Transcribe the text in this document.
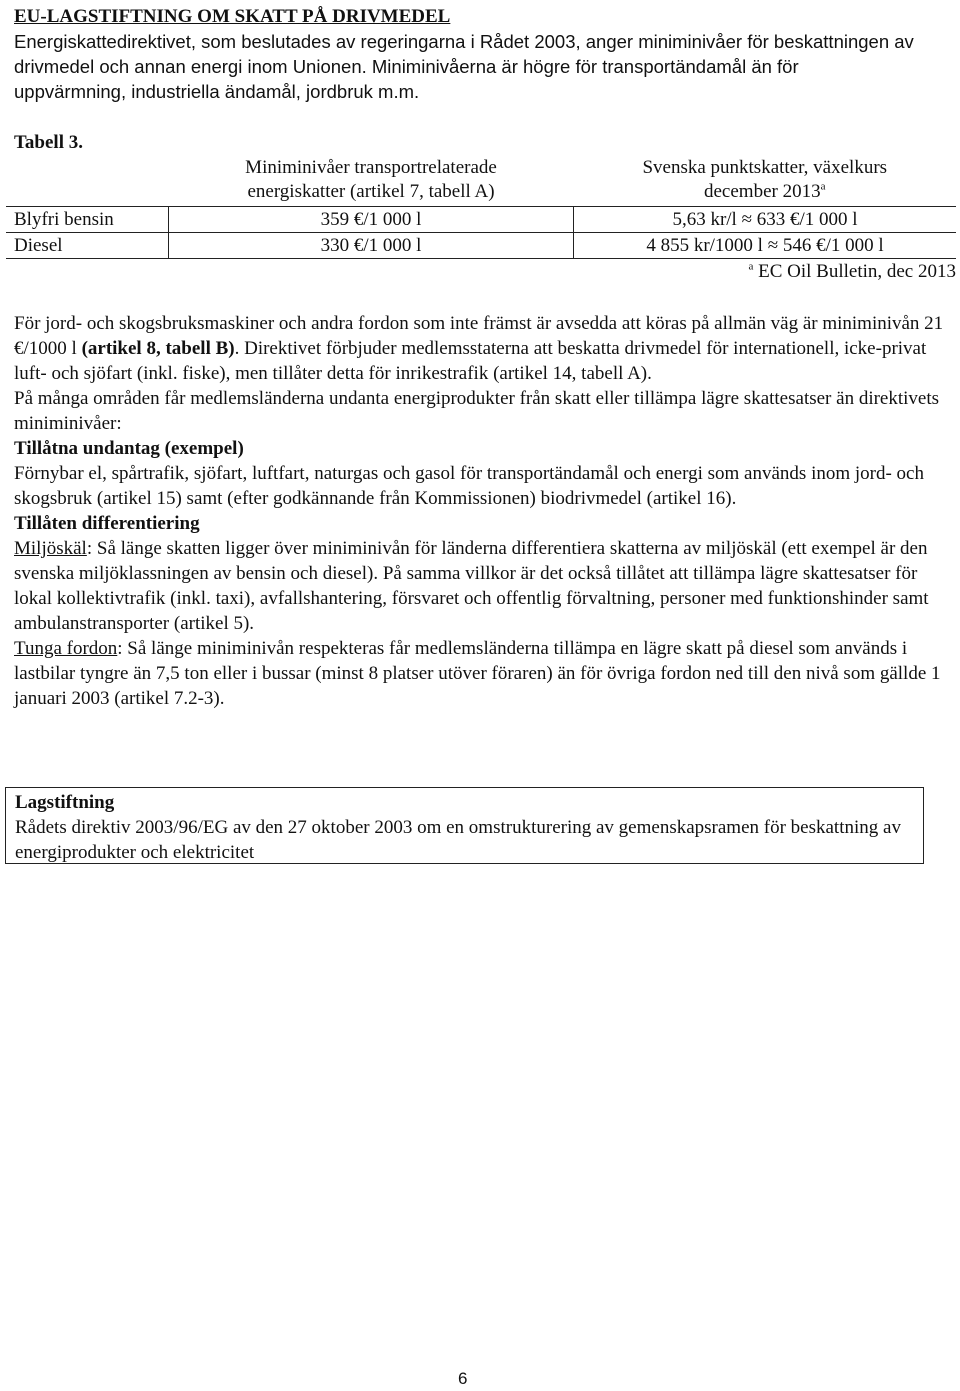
EU-LAGSTIFTNING OM SKATT PÅ DRIVMEDEL
Energiskattedirektivet, som beslutades av regeringarna i Rådet 2003, anger miniminivåer för beskattningen av drivmedel och annan energi inom Unionen. Miniminivåerna är högre för transportändamål än för uppvärmning, industriella ändamål, jordbruk m.m.
Tabell 3.
	Miniminivåer transportrelaterade
energiskatter (artikel 7, tabell A)	Svenska punktskatter, växelkurs
december 2013$^a$
Blyfri bensin	359 €/1 000 l	5,63 kr/l ≈ 633 €/1 000 l
Diesel	330 €/1 000 l	4 855 kr/1000 l ≈ 546 €/1 000 l
$^a$ EC Oil Bulletin, dec 2013

För jord- och skogsbruksmaskiner och andra fordon som inte främst är avsedda att köras på allmän väg är miniminivån 21 €/1000 l (artikel 8, tabell B). Direktivet förbjuder medlemsstaterna att beskatta drivmedel för internationell, icke-privat luft- och sjöfart (inkl. fiske), men tillåter detta för inrikestrafik (artikel 14, tabell A).

På många områden får medlemsländerna undanta energiprodukter från skatt eller tillämpa lägre skattesatser än direktivets miniminivåer:

Tillåtna undantag (exempel)

Förnybar el, spårtrafik, sjöfart, luftfart, naturgas och gasol för transportändamål och energi som används inom jord- och skogsbruk (artikel 15) samt (efter godkännande från Kommissionen) biodrivmedel (artikel 16).

Tillåten differentiering

Miljöskäl: Så länge skatten ligger över miniminivån för länderna differentiera skatterna av miljöskäl (ett exempel är den svenska miljöklassningen av bensin och diesel). På samma villkor är det också tillåtet att tillämpa lägre skattesatser för lokal kollektivtrafik (inkl. taxi), avfallshantering, försvaret och offentlig förvaltning, personer med funktionshinder samt ambulanstransporter (artikel 5).

Tunga fordon: Så länge miniminivån respekteras får medlemsländerna tillämpa en lägre skatt på diesel som används i lastbilar tyngre än 7,5 ton eller i bussar (minst 8 platser utöver föraren) än för övriga fordon ned till den nivå som gällde 1 januari 2003 (artikel 7.2-3).

Lagstiftning
Rådets direktiv 2003/96/EG av den 27 oktober 2003 om en omstrukturering av gemenskapsramen för beskattning av energiprodukter och elektricitet
6
